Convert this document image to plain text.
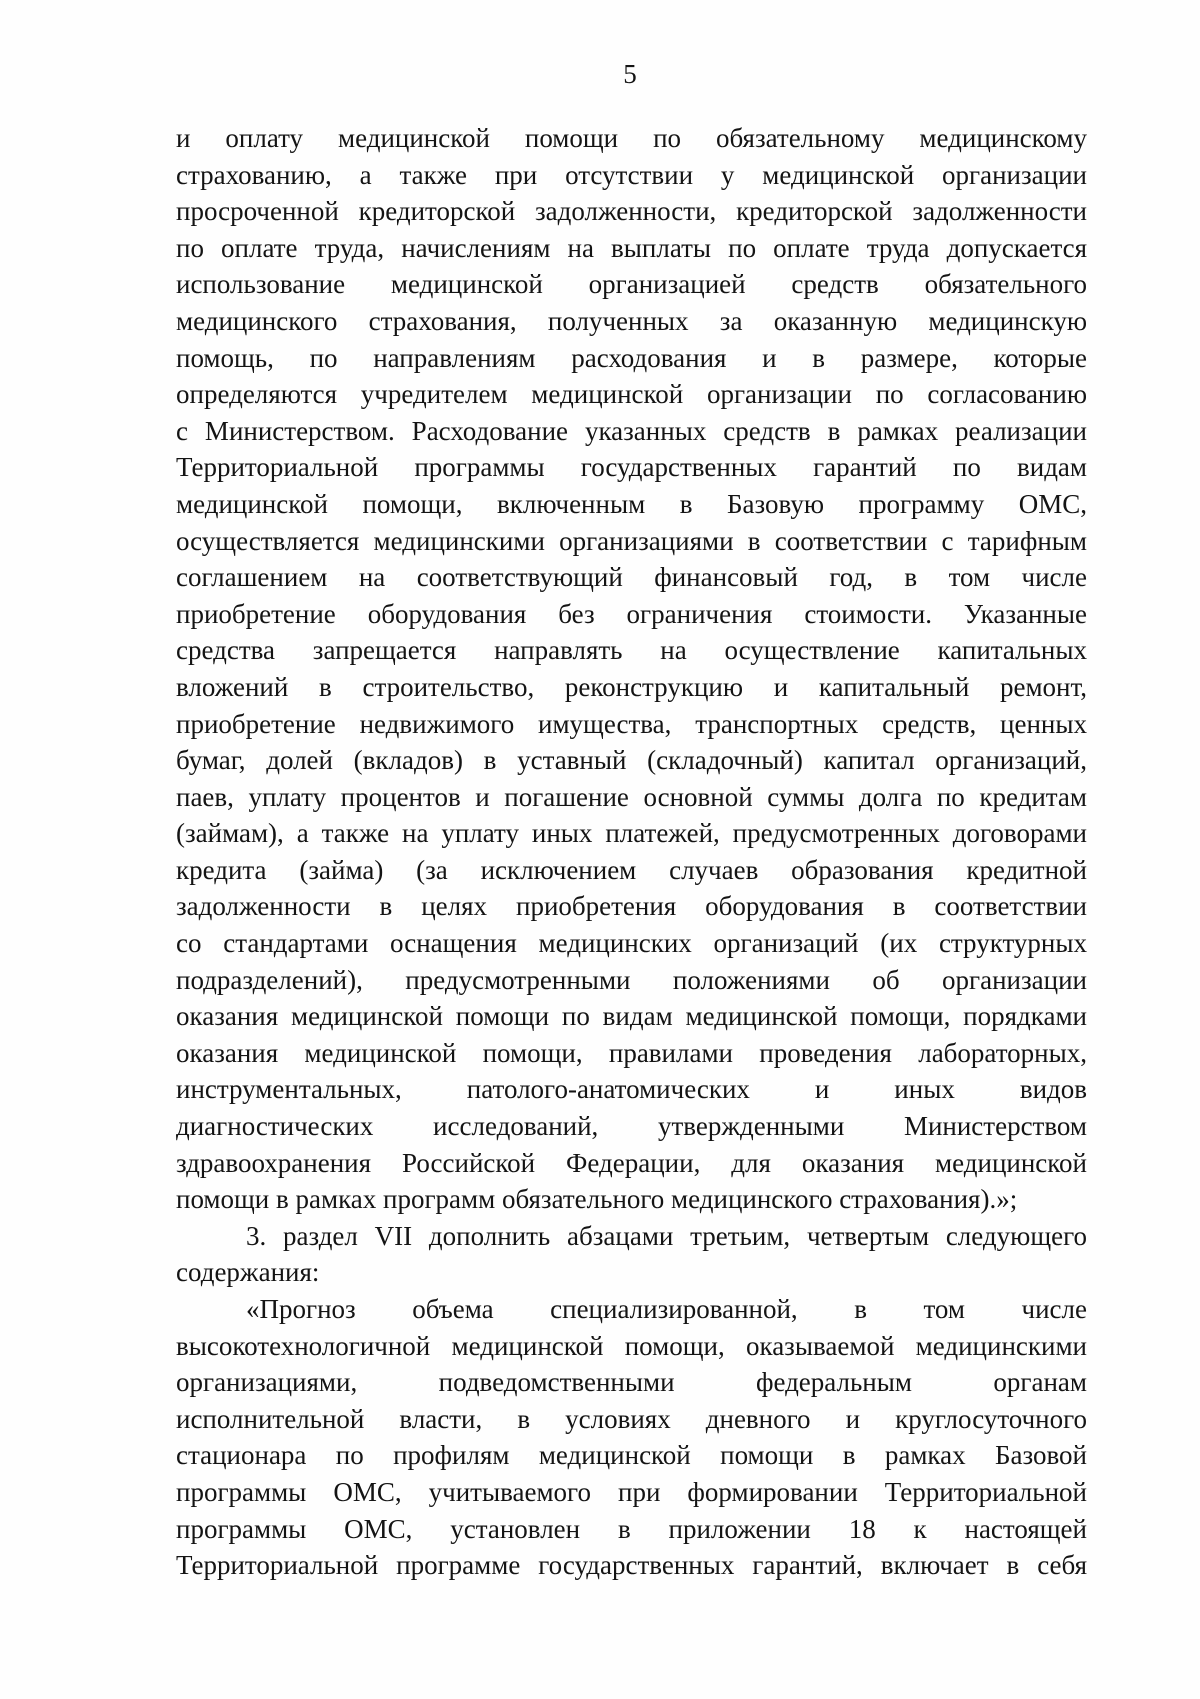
5
и оплату медицинской помощи по обязательному медицинскому
страхованию, а также при отсутствии у медицинской организации
просроченной кредиторской задолженности, кредиторской задолженности
по оплате труда, начислениям на выплаты по оплате труда допускается
использование медицинской организацией средств обязательного
медицинского страхования, полученных за оказанную медицинскую
помощь, по направлениям расходования и в размере, которые
определяются учредителем медицинской организации по согласованию
с Министерством. Расходование указанных средств в рамках реализации
Территориальной программы государственных гарантий по видам
медицинской помощи, включенным в Базовую программу ОМС,
осуществляется медицинскими организациями в соответствии с тарифным
соглашением на соответствующий финансовый год, в том числе
приобретение оборудования без ограничения стоимости. Указанные
средства запрещается направлять на осуществление капитальных
вложений в строительство, реконструкцию и капитальный ремонт,
приобретение недвижимого имущества, транспортных средств, ценных
бумаг, долей (вкладов) в уставный (складочный) капитал организаций,
паев, уплату процентов и погашение основной суммы долга по кредитам
(займам), а также на уплату иных платежей, предусмотренных договорами
кредита (займа) (за исключением случаев образования кредитной
задолженности в целях приобретения оборудования в соответствии
со стандартами оснащения медицинских организаций (их структурных
подразделений), предусмотренными положениями об организации
оказания медицинской помощи по видам медицинской помощи, порядками
оказания медицинской помощи, правилами проведения лабораторных,
инструментальных, патолого-анатомических и иных видов
диагностических исследований, утвержденными Министерством
здравоохранения Российской Федерации, для оказания медицинской
помощи в рамках программ обязательного медицинского страхования).»;
3. раздел VII дополнить абзацами третьим, четвертым следующего
содержания:
«Прогноз объема специализированной, в том числе
высокотехнологичной медицинской помощи, оказываемой медицинскими
организациями, подведомственными федеральным органам
исполнительной власти, в условиях дневного и круглосуточного
стационара по профилям медицинской помощи в рамках Базовой
программы ОМС, учитываемого при формировании Территориальной
программы ОМС, установлен в приложении 18 к настоящей
Территориальной программе государственных гарантий, включает в себя
